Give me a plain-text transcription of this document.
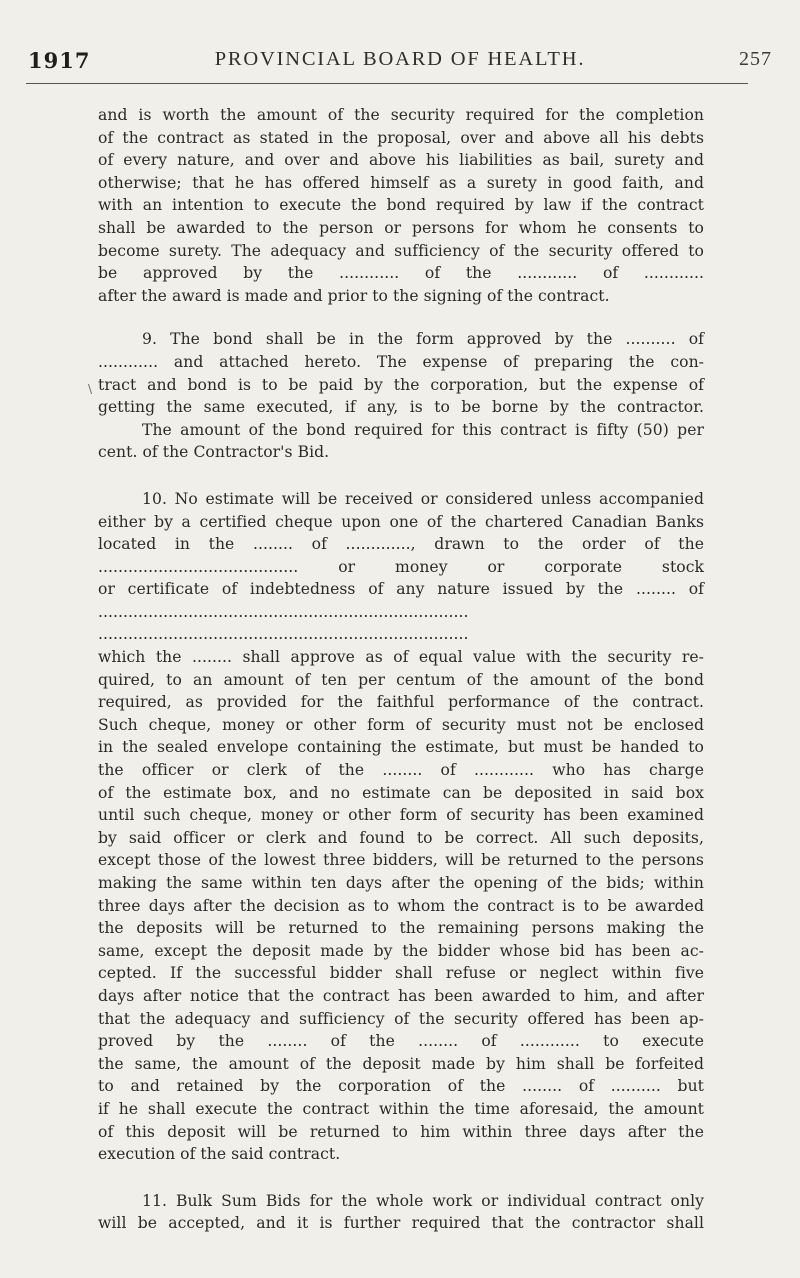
1917	PROVINCIAL BOARD OF HEALTH.	257
\
and is worth the amount of the security required for the completion
of the contract as stated in the proposal, over and above all his debts
of every nature, and over and above his liabilities as bail, surety and
otherwise; that he has offered himself as a surety in good faith, and
with an intention to execute the bond required by law if the contract
shall be awarded to the person or persons for whom he consents to
become surety. The adequacy and sufficiency of the security offered to
be approved by the ............ of the ............ of ............
after the award is made and prior to the signing of the contract.
9. The bond shall be in the form approved by the .......... of
............ and attached hereto. The expense of preparing the con-
tract and bond is to be paid by the corporation, but the expense of
getting the same executed, if any, is to be borne by the contractor.
The amount of the bond required for this contract is fifty (50) per
cent. of the Contractor's Bid.
10. No estimate will be received or considered unless accompanied
either by a certified cheque upon one of the chartered Canadian Banks
located in the ........ of ............., drawn to the order of the
........................................ or money or corporate stock
or certificate of indebtedness of any nature issued by the ........ of
..........................................................................
..........................................................................
which the ........ shall approve as of equal value with the security re-
quired, to an amount of ten per centum of the amount of the bond
required, as provided for the faithful performance of the contract.
Such cheque, money or other form of security must not be enclosed
in the sealed envelope containing the estimate, but must be handed to
the officer or clerk of the ........ of ............ who has charge
of the estimate box, and no estimate can be deposited in said box
until such cheque, money or other form of security has been examined
by said officer or clerk and found to be correct. All such deposits,
except those of the lowest three bidders, will be returned to the persons
making the same within ten days after the opening of the bids; within
three days after the decision as to whom the contract is to be awarded
the deposits will be returned to the remaining persons making the
same, except the deposit made by the bidder whose bid has been ac-
cepted. If the successful bidder shall refuse or neglect within five
days after notice that the contract has been awarded to him, and after
that the adequacy and sufficiency of the security offered has been ap-
proved by the ........ of the ........ of ............ to execute
the same, the amount of the deposit made by him shall be forfeited
to and retained by the corporation of the ........ of .......... but
if he shall execute the contract within the time aforesaid, the amount
of this deposit will be returned to him within three days after the
execution of the said contract.
11. Bulk Sum Bids for the whole work or individual contract only
will be accepted, and it is further required that the contractor shall
